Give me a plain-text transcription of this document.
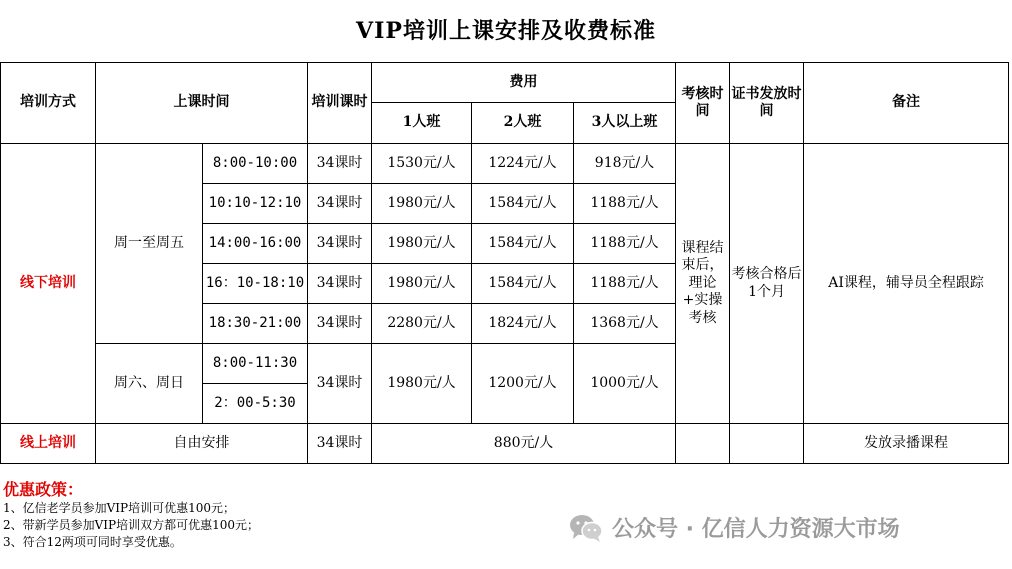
VIP培训上课安排及收费标准
培训方式	上课时间		培训课时	费用			考核时间	证书发放时间	备注
				1人班	2人班	3人以上班			
线下培训	周一至周五	8:00-10:00	34课时	1530元/人	1224元/人	918元/人	课程结束后，理论+实操考核	考核合格后1个月	AI课程，辅导员全程跟踪
		10:10-12:10	34课时	1980元/人	1584元/人	1188元/人			
		14:00-16:00	34课时	1980元/人	1584元/人	1188元/人			
		16：10-18:10	34课时	1980元/人	1584元/人	1188元/人			
		18:30-21:00	34课时	2280元/人	1824元/人	1368元/人			
	周六、周日	8:00-11:30	34课时	1980元/人	1200元/人	1000元/人			
		2：00-5:30							
线上培训	自由安排		34课时	880元/人					发放录播课程
优惠政策：
1、亿信老学员参加VIP培训可优惠100元；
2、带新学员参加VIP培训双方都可优惠100元；
3、符合12两项可同时享受优惠。	公众号 · 亿信人力资源大市场
